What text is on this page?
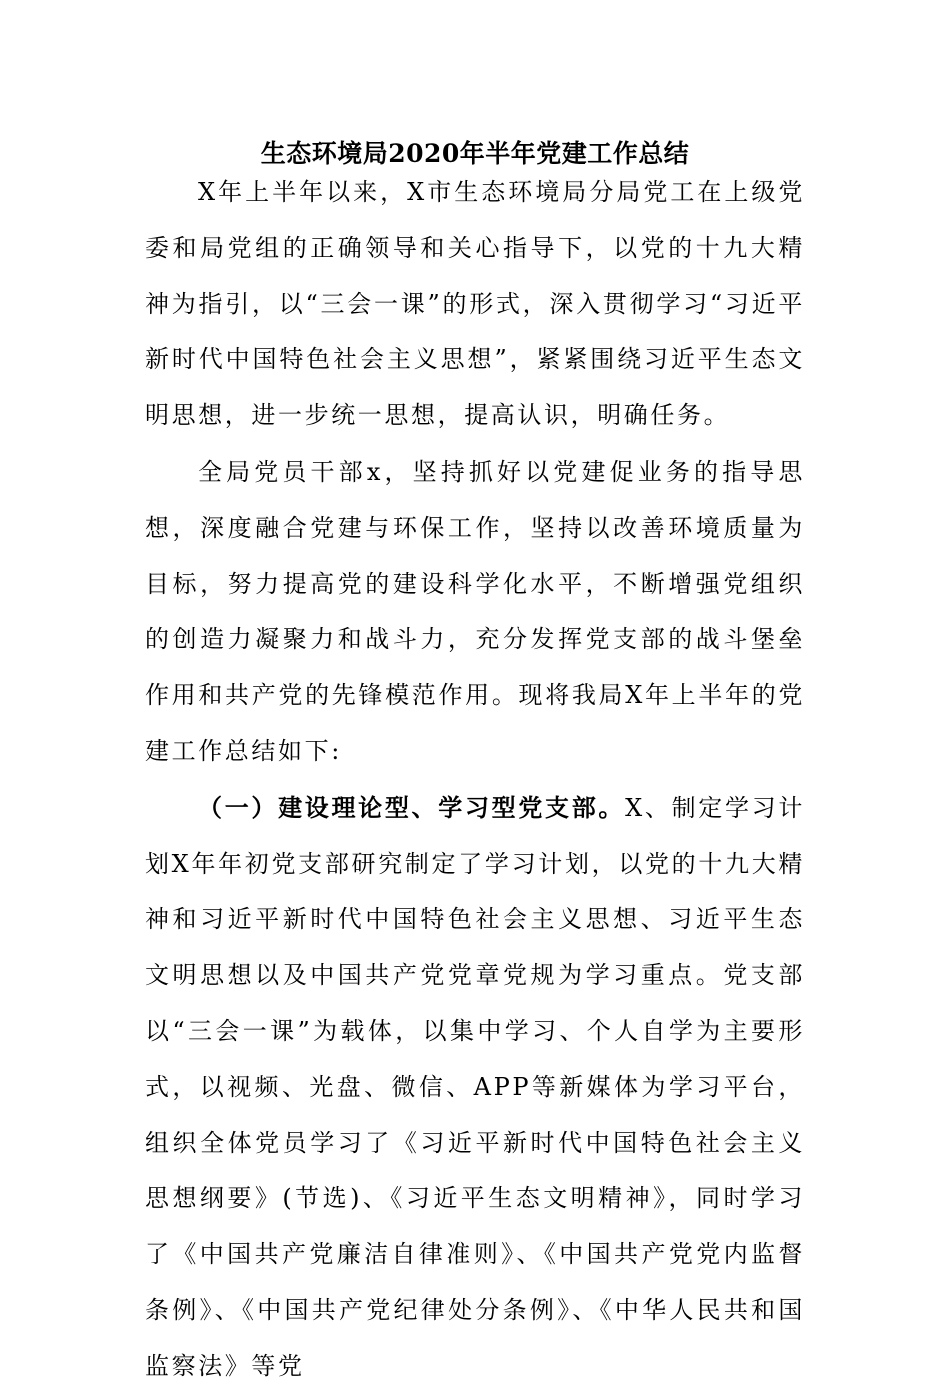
生态环境局2020年半年党建工作总结

X年上半年以来，X市生态环境局分局党工在上级党委和局党组的正确领导和关心指导下，以党的十九大精神为指引，以“三会一课”的形式，深入贯彻学习“习近平新时代中国特色社会主义思想”，紧紧围绕习近平生态文明思想，进一步统一思想，提高认识，明确任务。

全局党员干部x，坚持抓好以党建促业务的指导思想，深度融合党建与环保工作，坚持以改善环境质量为目标，努力提高党的建设科学化水平，不断增强党组织的创造力凝聚力和战斗力，充分发挥党支部的战斗堡垒作用和共产党的先锋模范作用。现将我局X年上半年的党建工作总结如下:

（一）建设理论型、学习型党支部。X、制定学习计划X年年初党支部研究制定了学习计划，以党的十九大精神和习近平新时代中国特色社会主义思想、习近平生态文明思想以及中国共产党党章党规为学习重点。党支部以“三会一课”为载体，以集中学习、个人自学为主要形式，以视频、光盘、微信、APP等新媒体为学习平台，组织全体党员学习了《习近平新时代中国特色社会主义思想纲要》(节选)、《习近平生态文明精神》，同时学习了《中国共产党廉洁自律准则》、《中国共产党党内监督条例》、《中国共产党纪律处分条例》、《中华人民共和国监察法》等党
